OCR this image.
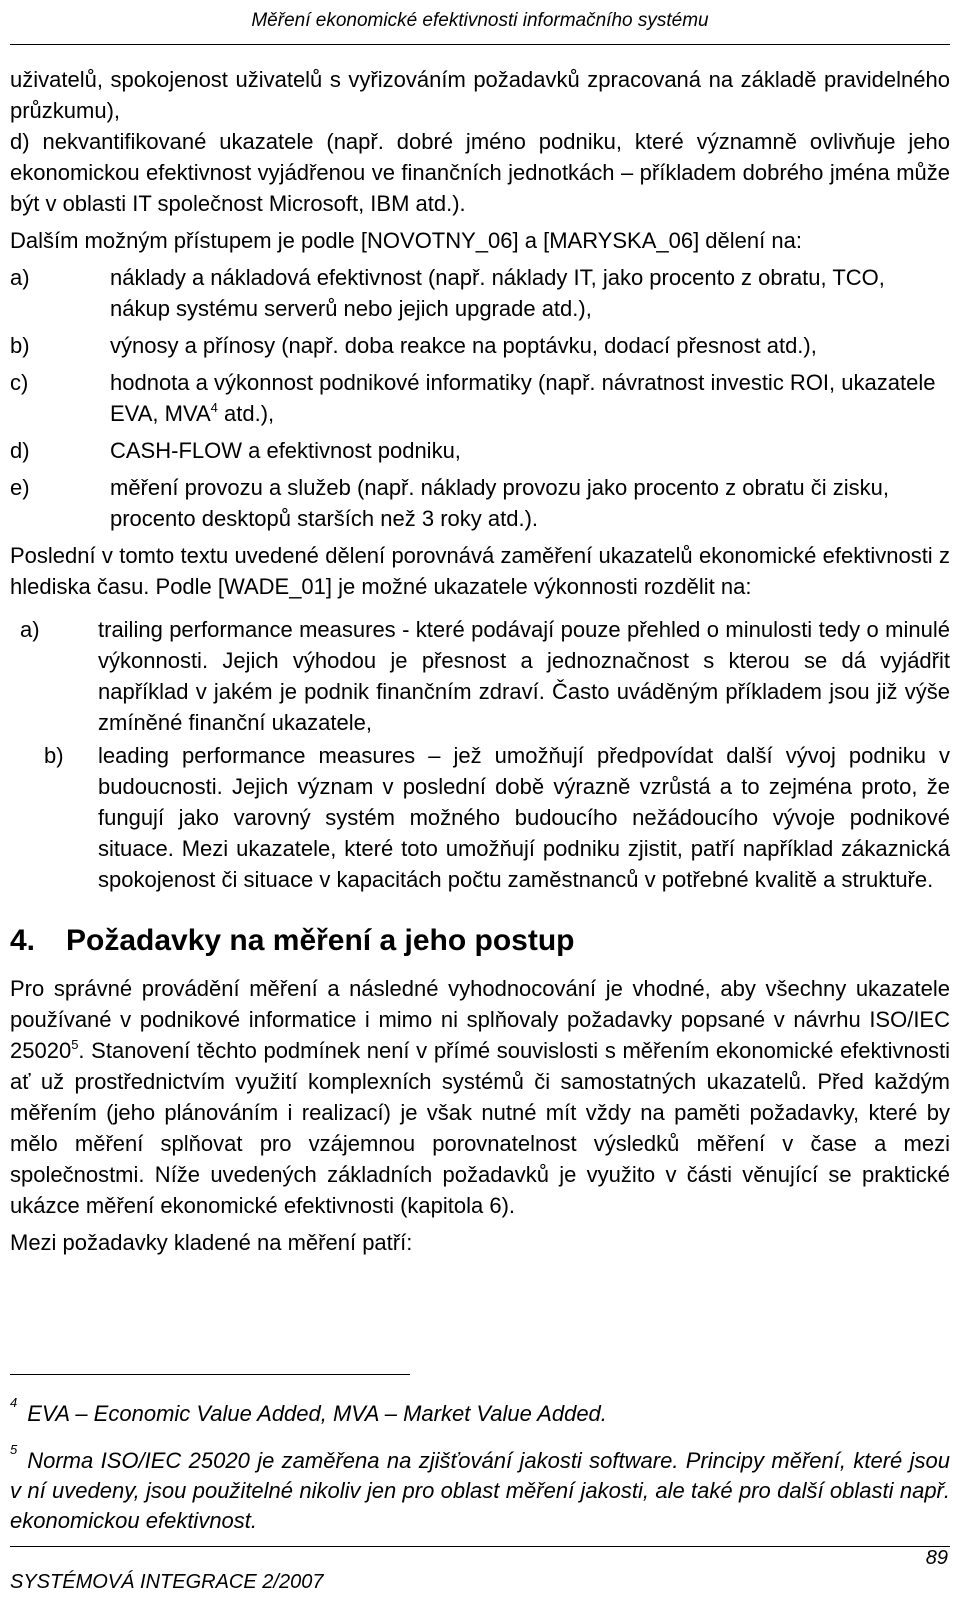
Měření ekonomické efektivnosti informačního systému

uživatelů, spokojenost uživatelů s vyřizováním požadavků zpracovaná na základě pravidelného průzkumu),

d) nekvantifikované ukazatele (např. dobré jméno podniku, které významně ovlivňuje jeho ekonomickou efektivnost vyjádřenou ve finančních jednotkách – příkladem dobrého jména může být v oblasti IT společnost Microsoft, IBM atd.).

Dalším možným přístupem je podle [NOVOTNY_06] a [MARYSKA_06] dělení na:

a)	náklady a nákladová efektivnost (např. náklady IT, jako procento z obratu, TCO, nákup systému serverů nebo jejich upgrade atd.),
b)	výnosy a přínosy (např. doba reakce na poptávku, dodací přesnost atd.),
c)	hodnota a výkonnost podnikové informatiky (např. návratnost investic ROI, ukazatele EVA, MVA$^4$ atd.),
d)	CASH-FLOW a efektivnost podniku,
e)	měření provozu a služeb (např. náklady provozu jako procento z obratu či zisku, procento desktopů starších než 3 roky atd.).

Poslední v tomto textu uvedené dělení porovnává zaměření ukazatelů ekonomické efektivnosti z hlediska času. Podle [WADE_01] je možné ukazatele výkonnosti rozdělit na:

a)	trailing performance measures - které podávají pouze přehled o minulosti tedy o minulé výkonnosti. Jejich výhodou je přesnost a jednoznačnost s kterou se dá vyjádřit například v jakém je podnik finančním zdraví. Často uváděným příkladem jsou již výše zmíněné finanční ukazatele,
b)	leading performance measures – jež umožňují předpovídat další vývoj podniku v budoucnosti. Jejich význam v poslední době výrazně vzrůstá a to zejména proto, že fungují jako varovný systém možného budoucího nežádoucího vývoje podnikové situace. Mezi ukazatele, které toto umožňují podniku zjistit, patří například zákaznická spokojenost či situace v kapacitách počtu zaměstnanců v potřebné kvalitě a struktuře.
4. Požadavky na měření a jeho postup

Pro správné provádění měření a následné vyhodnocování je vhodné, aby všechny ukazatele používané v podnikové informatice i mimo ni splňovaly požadavky popsané v návrhu ISO/IEC 25020$^5$. Stanovení těchto podmínek není v přímé souvislosti s měřením ekonomické efektivnosti ať už prostřednictvím využití komplexních systémů či samostatných ukazatelů. Před každým měřením (jeho plánováním i realizací) je však nutné mít vždy na paměti požadavky, které by mělo měření splňovat pro vzájemnou porovnatelnost výsledků měření v čase a mezi společnostmi. Níže uvedených základních požadavků je využito v části věnující se praktické ukázce měření ekonomické efektivnosti (kapitola 6).

Mezi požadavky kladené na měření patří:

$^4$ EVA – Economic Value Added, MVA – Market Value Added.

$^5$ Norma ISO/IEC 25020 je zaměřena na zjišťování jakosti software. Principy měření, které jsou v ní uvedeny, jsou použitelné nikoliv jen pro oblast měření jakosti, ale také pro další oblasti např. ekonomickou efektivnost.

SYSTÉMOVÁ INTEGRACE 2/2007
89
